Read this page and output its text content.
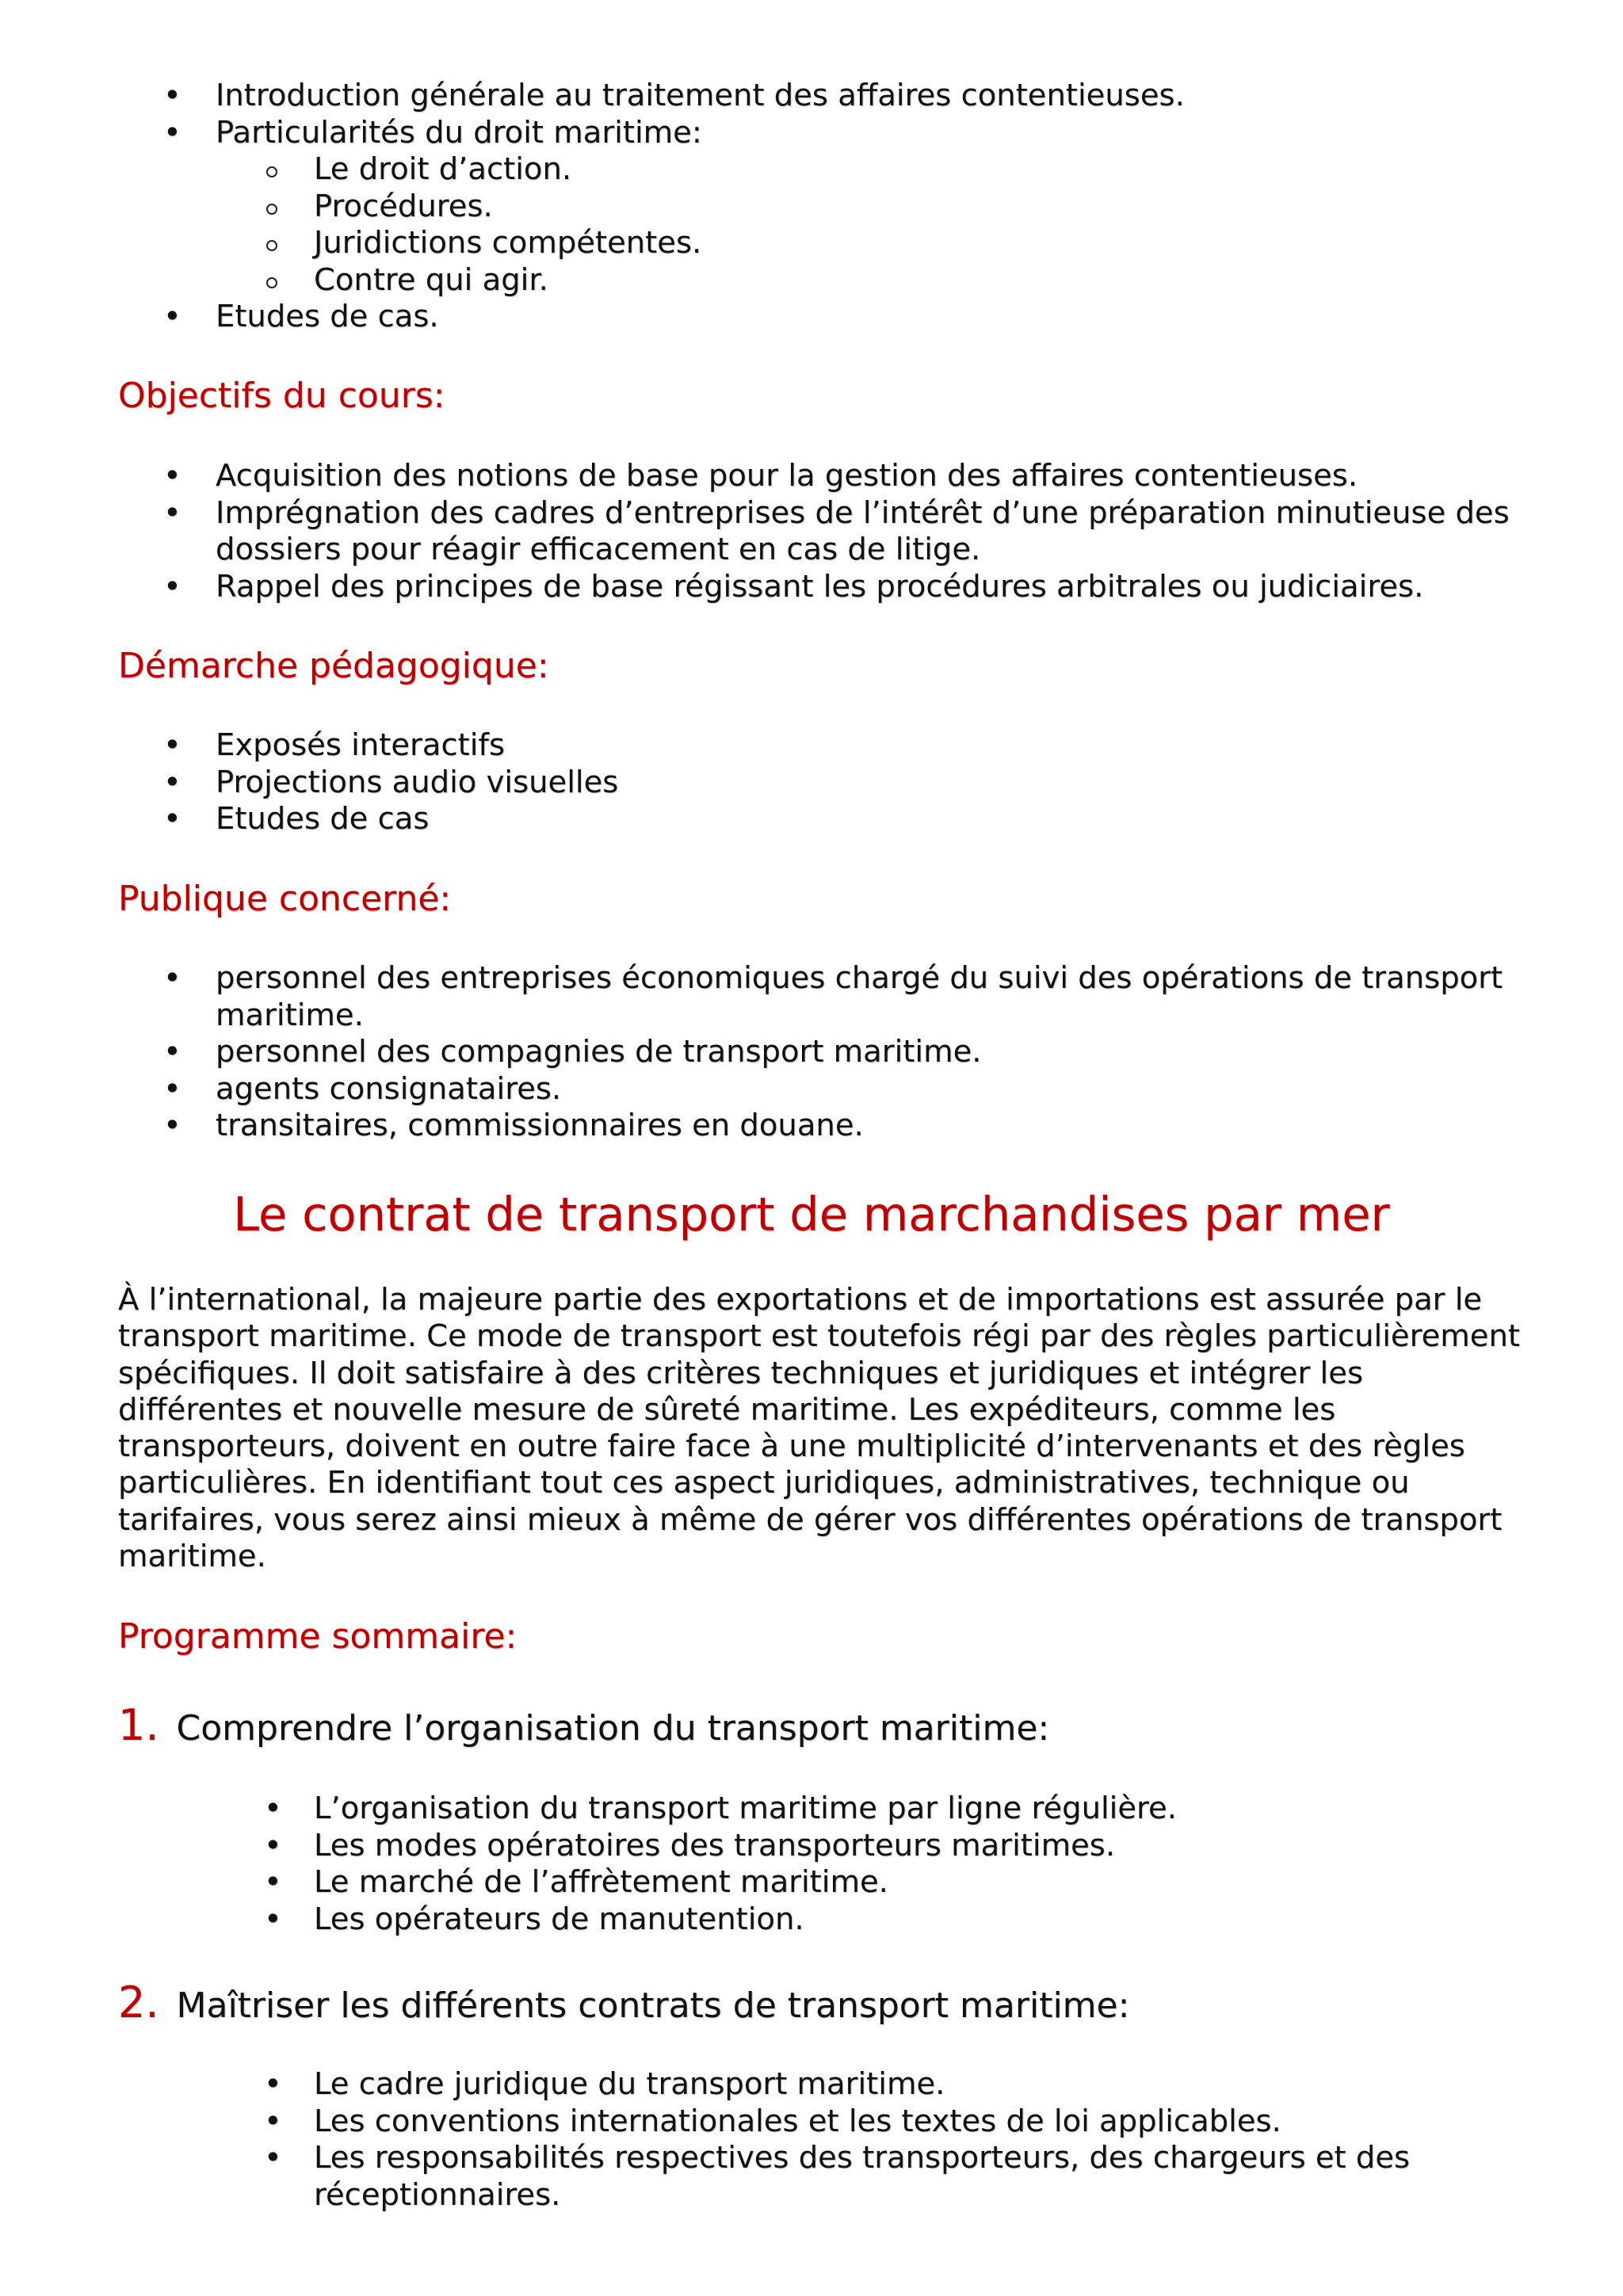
• Introduction générale au traitement des affaires contentieuses.
• Particularités du droit maritime:
Le droit d’action.
Procédures.
Juridictions compétentes.
Contre qui agir.
• Etudes de cas.
Objectifs du cours:
• Acquisition des notions de base pour la gestion des affaires contentieuses.
• Imprégnation des cadres d’entreprises de l’intérêt d’une préparation minutieuse des dossiers pour réagir efficacement en cas de litige.
• Rappel des principes de base régissant les procédures arbitrales ou judiciaires.
Démarche pédagogique:
• Exposés interactifs
• Projections audio visuelles
• Etudes de cas
Publique concerné:
• personnel des entreprises économiques chargé du suivi des opérations de transport maritime.
• personnel des compagnies de transport maritime.
• agents consignataires.
• transitaires, commissionnaires en douane.
Le contrat de transport de marchandises par mer

À l’international, la majeure partie des exportations et de importations est assurée par le transport maritime. Ce mode de transport est toutefois régi par des règles particulièrement spécifiques. Il doit satisfaire à des critères techniques et juridiques et intégrer les différentes et nouvelle mesure de sûreté maritime. Les expéditeurs, comme les transporteurs, doivent en outre faire face à une multiplicité d’intervenants et des règles particulières. En identifiant tout ces aspect juridiques, administratives, technique ou tarifaires, vous serez ainsi mieux à même de gérer vos différentes opérations de transport maritime.

Programme sommaire:
1. Comprendre l’organisation du transport maritime:
• L’organisation du transport maritime par ligne régulière.
• Les modes opératoires des transporteurs maritimes.
• Le marché de l’affrètement maritime.
• Les opérateurs de manutention.
2. Maîtriser les différents contrats de transport maritime:
• Le cadre juridique du transport maritime.
• Les conventions internationales et les textes de loi applicables.
• Les responsabilités respectives des transporteurs, des chargeurs et des réceptionnaires.
